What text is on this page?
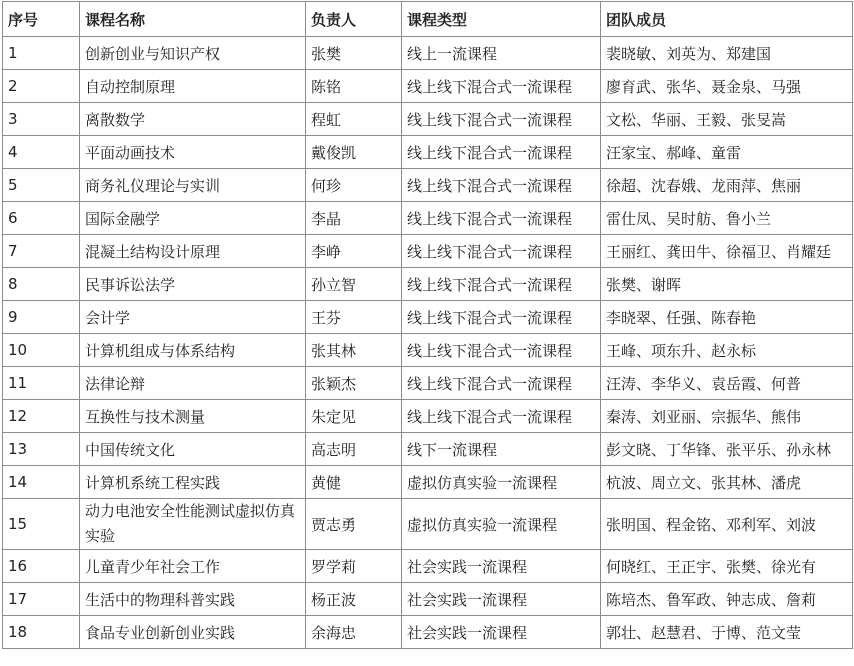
序号	课程名称	负责人	课程类型	团队成员
1	创新创业与知识产权	张樊	线上一流课程	裴晓敏、刘英为、郑建国
2	自动控制原理	陈铭	线上线下混合式一流课程	廖育武、张华、聂金泉、马强
3	离散数学	程虹	线上线下混合式一流课程	文松、华丽、王毅、张旻嵩
4	平面动画技术	戴俊凯	线上线下混合式一流课程	汪家宝、郝峰、童雷
5	商务礼仪理论与实训	何珍	线上线下混合式一流课程	徐超、沈春娥、龙雨萍、焦丽
6	国际金融学	李晶	线上线下混合式一流课程	雷仕凤、吴时舫、鲁小兰
7	混凝土结构设计原理	李峥	线上线下混合式一流课程	王丽红、龚田牛、徐福卫、肖耀廷
8	民事诉讼法学	孙立智	线上线下混合式一流课程	张樊、谢晖
9	会计学	王芬	线上线下混合式一流课程	李晓翠、任强、陈春艳
10	计算机组成与体系结构	张其林	线上线下混合式一流课程	王峰、项东升、赵永标
11	法律论辩	张颖杰	线上线下混合式一流课程	汪涛、李华义、袁岳霞、何普
12	互换性与技术测量	朱定见	线上线下混合式一流课程	秦涛、刘亚丽、宗振华、熊伟
13	中国传统文化	高志明	线下一流课程	彭文晓、丁华锋、张平乐、孙永林
14	计算机系统工程实践	黄健	虚拟仿真实验一流课程	杭波、周立文、张其林、潘虎
15	动力电池安全性能测试虚拟仿真实验	贾志勇	虚拟仿真实验一流课程	张明国、程金铭、邓利军、刘波
16	儿童青少年社会工作	罗学莉	社会实践一流课程	何晓红、王正宇、张樊、徐光有
17	生活中的物理科普实践	杨正波	社会实践一流课程	陈培杰、鲁军政、钟志成、詹莉
18	食品专业创新创业实践	余海忠	社会实践一流课程	郭壮、赵慧君、于博、范文莹
